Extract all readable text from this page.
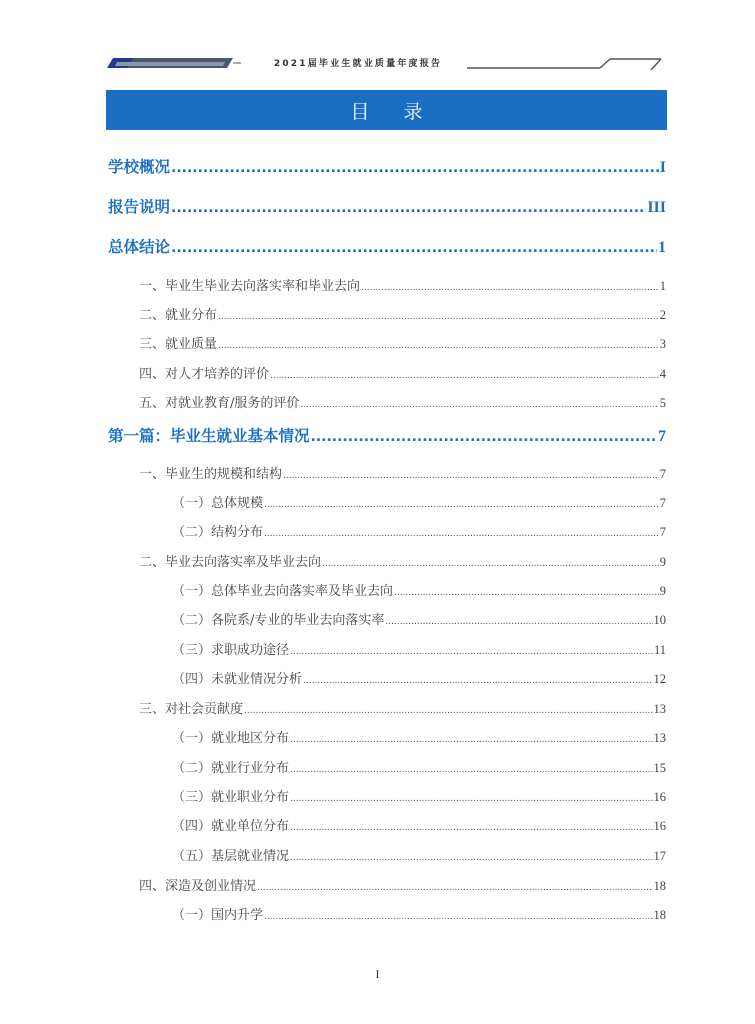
2021届毕业生就业质量年度报告
目 录
学校概况 .....	I
报告说明 .....	III
总体结论 .....	1
一、毕业生毕业去向落实率和毕业去向 .....	1
二、就业分布 .....	2
三、就业质量 .....	3
四、对人才培养的评价 .....	4
五、对就业教育/服务的评价 .....	5
第一篇：毕业生就业基本情况 .....	7
一、毕业生的规模和结构 .....	7
（一）总体规模 .....	7
（二）结构分布 .....	7
二、毕业去向落实率及毕业去向 .....	9
（一）总体毕业去向落实率及毕业去向 .....	9
（二）各院系/专业的毕业去向落实率 .....	10
（三）求职成功途径 .....	11
（四）未就业情况分析 .....	12
三、对社会贡献度 .....	13
（一）就业地区分布 .....	13
（二）就业行业分布 .....	15
（三）就业职业分布 .....	16
（四）就业单位分布 .....	16
（五）基层就业情况 .....	17
四、深造及创业情况 .....	18
（一）国内升学 .....	18
I
